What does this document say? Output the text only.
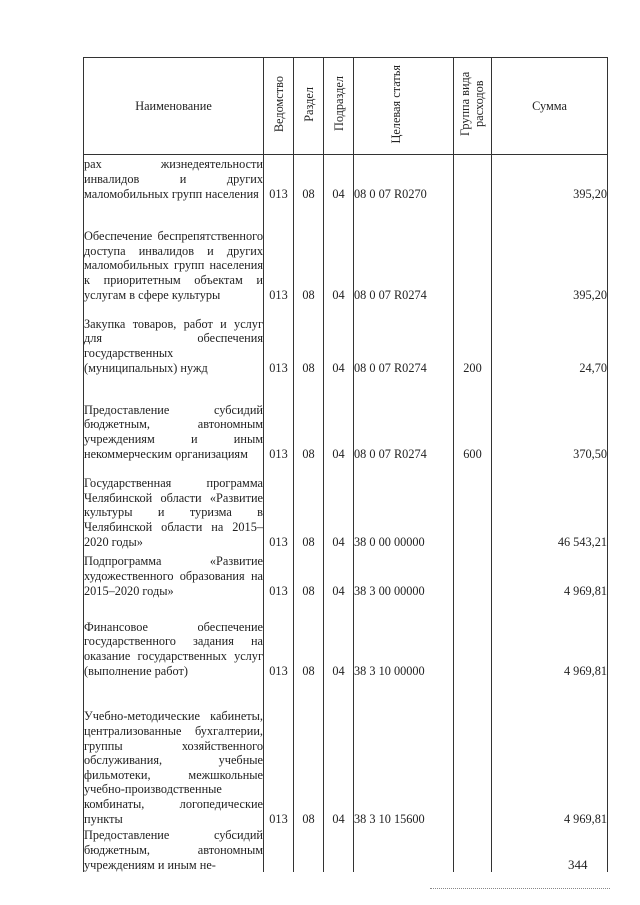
Наименование	Ведомство	Раздел	Подраздел	Целевая статья	Группа вида расходов	Сумма
рах жизнедеятельности инвалидов и других маломобильных групп населения	013	08	04	08 0 07 R0270		395,20
Обеспечение беспрепятственного доступа инвалидов и других маломобильных групп населения к приоритетным объектам и услугам в сфере культуры	013	08	04	08 0 07 R0274		395,20
Закупка товаров, работ и услуг для обеспечения государственных (муниципальных) нужд	013	08	04	08 0 07 R0274	200	24,70
Предоставление субсидий бюджетным, автономным учреждениям и иным некоммерческим организациям	013	08	04	08 0 07 R0274	600	370,50
Государственная программа Челябинской области «Развитие культуры и туризма в Челябинской области на 2015–2020 годы»	013	08	04	38 0 00 00000		46 543,21
Подпрограмма «Развитие художественного образования на 2015–2020 годы»	013	08	04	38 3 00 00000		4 969,81
Финансовое обеспечение государственного задания на оказание государственных услуг (выполнение работ)	013	08	04	38 3 10 00000		4 969,81
Учебно-методические кабинеты, централизованные бухгалтерии, группы хозяйственного обслуживания, учебные фильмотеки, межшкольные учебно-производственные комбинаты, логопедические пункты	013	08	04	38 3 10 15600		4 969,81
Предоставление субсидий бюджетным, автономным учреждениям и иным не-							344
